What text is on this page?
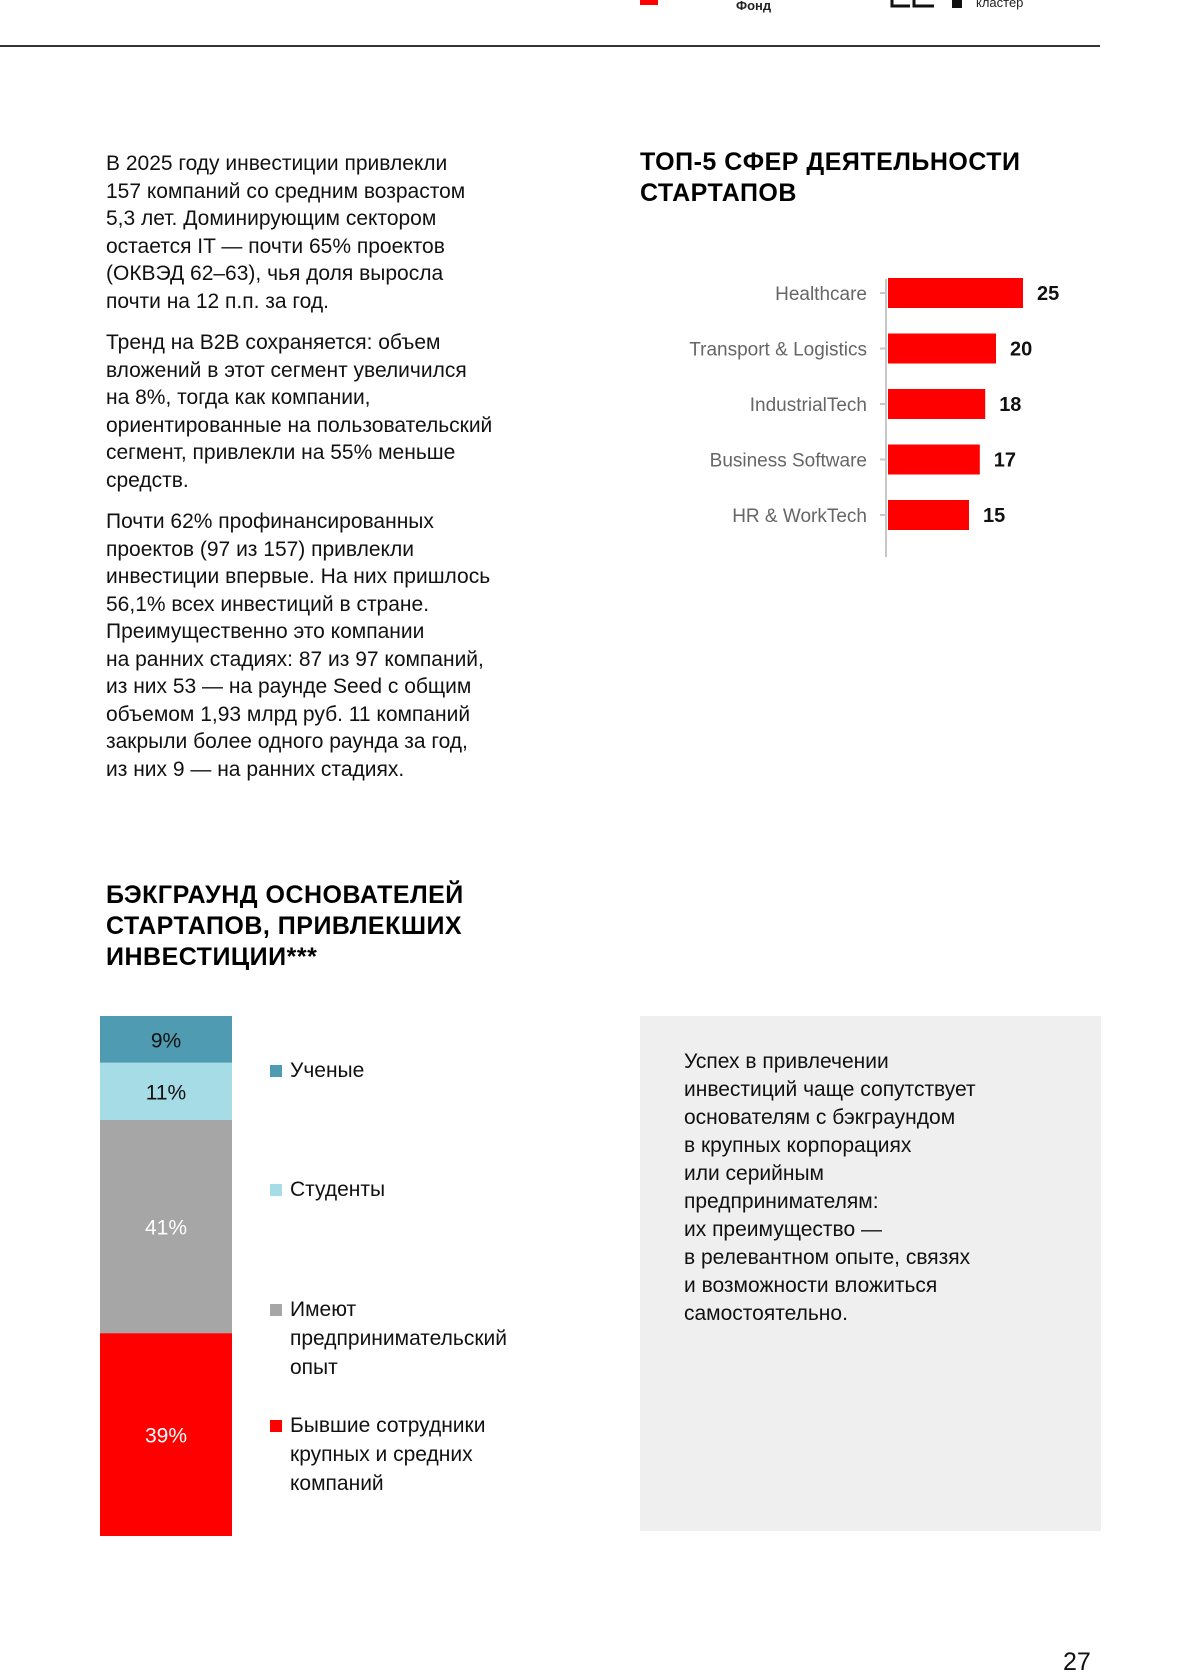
Фонд	кластер

В 2025 году инвестиции привлекли
157 компаний со средним возрастом
5,3 лет. Доминирующим сектором
остается IT — почти 65% проектов
(ОКВЭД 62–63), чья доля выросла
почти на 12 п.п. за год.

Тренд на B2B сохраняется: объем
вложений в этот сегмент увеличился
на 8%, тогда как компании,
ориентированные на пользовательский
сегмент, привлекли на 55% меньше
средств.

Почти 62% профинансированных
проектов (97 из 157) привлекли
инвестиции впервые. На них пришлось
56,1% всех инвестиций в стране.
Преимущественно это компании
на ранних стадиях: 87 из 97 компаний,
из них 53 — на раунде Seed с общим
объемом 1,93 млрд руб. 11 компаний
закрыли более одного раунда за год,
из них 9 — на ранних стадиях.

ТОП-5 СФЕР ДЕЯТЕЛЬНОСТИ СТАРТАПОВ
Healthcare	25
Transport & Logistics	20
IndustrialTech	18
Business Software	17
HR & WorkTech	15
БЭКГРАУНД ОСНОВАТЕЛЕЙ СТАРТАПОВ, ПРИВЛЕКШИХ ИНВЕСТИЦИИ***
9%
11%
41%
39%
Ученые
Студенты
Имеют
предпринимательский
опыт
Бывшие сотрудники
крупных и средних
компаний
Успех в привлечении
инвестиций чаще сопутствует
основателям с бэкграундом
в крупных корпорациях
или серийным
предпринимателям:
их преимущество —
в релевантном опыте, связях
и возможности вложиться
самостоятельно.
27
